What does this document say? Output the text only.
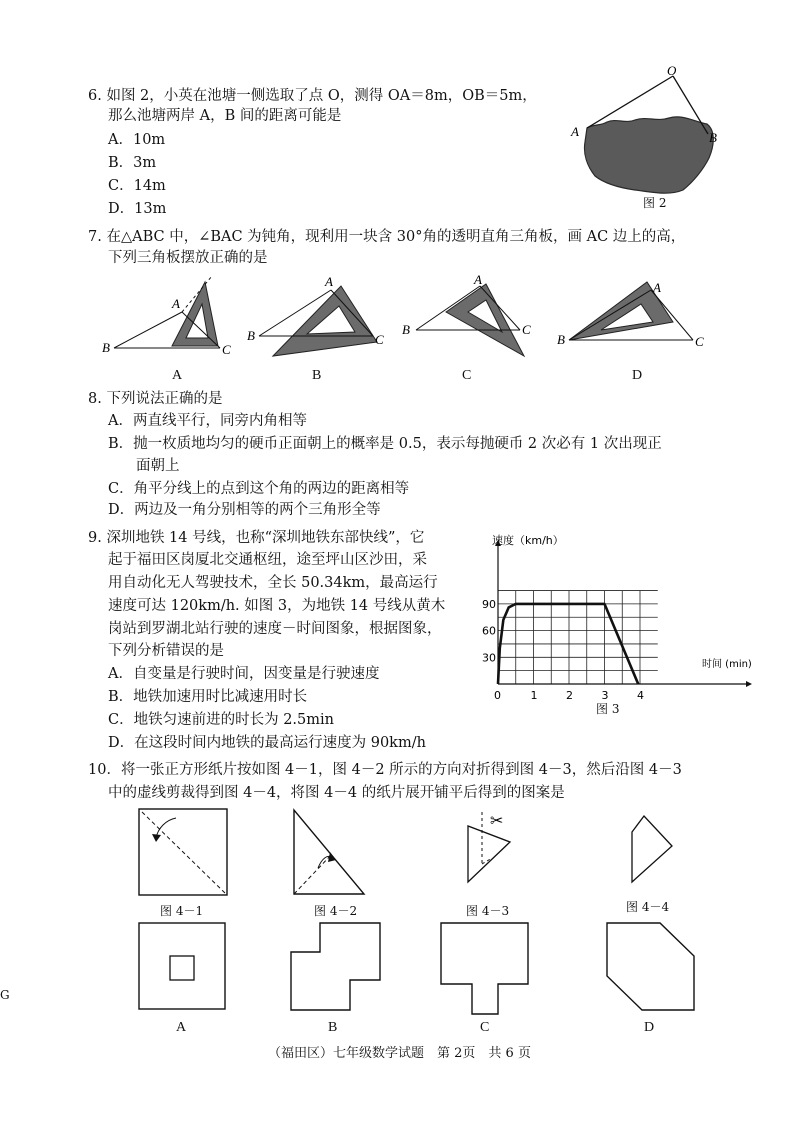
6. 如图 2，小英在池塘一侧选取了点 O，测得 OA＝8m，OB＝5m，
那么池塘两岸 A，B 间的距离可能是
A．10m
B．3m
C．14m
D．13m
O
A	B
图 2
7. 在△ABC 中，∠BAC 为钝角，现利用一块含 30°角的透明直角三角板，画 AC 边上的高，
下列三角板摆放正确的是
A
B	C
A
A
B	C
B
A
B	C
C
A
B	C
D
8. 下列说法正确的是
A．两直线平行，同旁内角相等
B．抛一枚质地均匀的硬币正面朝上的概率是 0.5，表示每抛硬币 2 次必有 1 次出现正
面朝上
C．角平分线上的点到这个角的两边的距离相等
D．两边及一角分别相等的两个三角形全等
9. 深圳地铁 14 号线，也称“深圳地铁东部快线”，它
起于福田区岗厦北交通枢纽，途至坪山区沙田，采
用自动化无人驾驶技术，全长 50.34km，最高运行
速度可达 120km/h. 如图 3，为地铁 14 号线从黄木
岗站到罗湖北站行驶的速度－时间图象，根据图象，
下列分析错误的是
A．自变量是行驶时间，因变量是行驶速度
B．地铁加速用时比减速用时长
C．地铁匀速前进的时长为 2.5min
D．在这段时间内地铁的最高运行速度为 90km/h
0	1	2	3	4
30
60
90
速度（km/h）
时间 (min)
图 3
10．将一张正方形纸片按如图 4－1，图 4－2 所示的方向对折得到图 4－3，然后沿图 4－3
中的虚线剪裁得到图 4－4，将图 4－4 的纸片展开铺平后得到的图案是
图 4－1	图 4－2
✂
图 4－3	图 4－4
A	B	C	D
G
（福田区）七年级数学试题　第 2页　共 6 页
